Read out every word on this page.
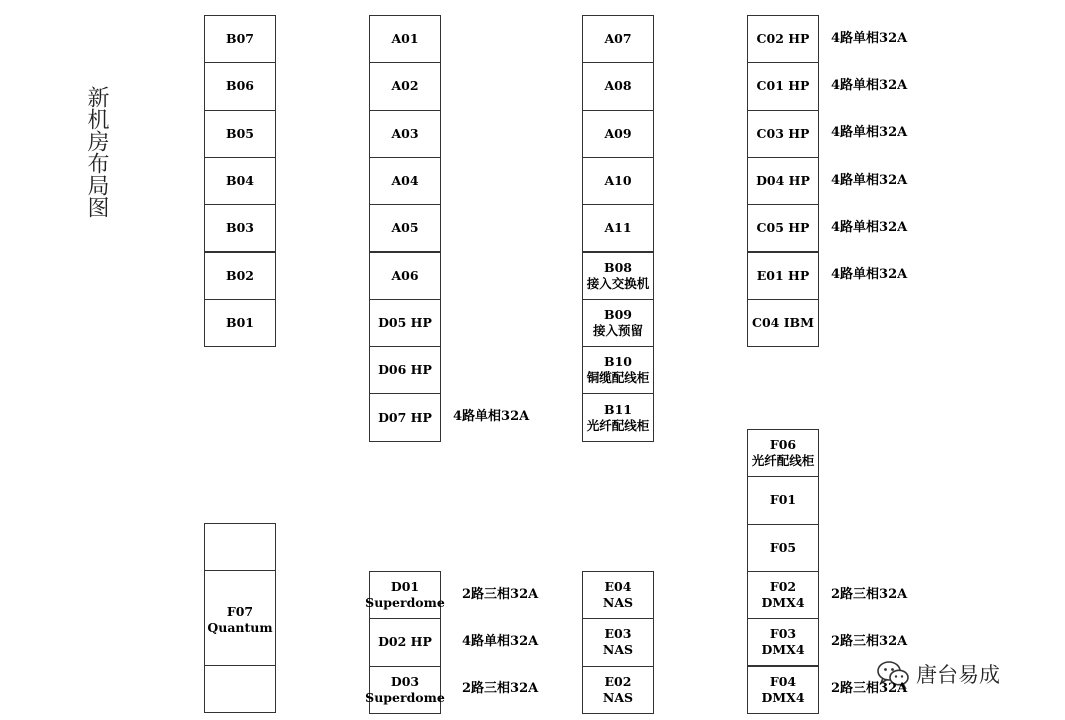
新机房布局图
唐台易成
B07
B06
B05
B04
B03
B02
B01
A01
A02
A03
A04
A05
A06
D05 HP
D06 HP
D07 HP 4路单相32A
A07
A08
A09
A10
A11
B08
接入交换机
B09
接入预留
B10
铜缆配线柜
B11
光纤配线柜
C02 HP 4路单相32A
C01 HP 4路单相32A
C03 HP 4路单相32A
D04 HP 4路单相32A
C05 HP 4路单相32A
E01 HP 4路单相32A
C04 IBM
F07
Quantum
D01
Superdome
2路三相32A
D02 HP 4路单相32A
D03
Superdome
2路三相32A
E04
NAS
E03
NAS
E02
NAS
F06
光纤配线柜
F01
F05
F02
DMX4
2路三相32A
F03
DMX4
2路三相32A
F04
DMX4
2路三相32A
